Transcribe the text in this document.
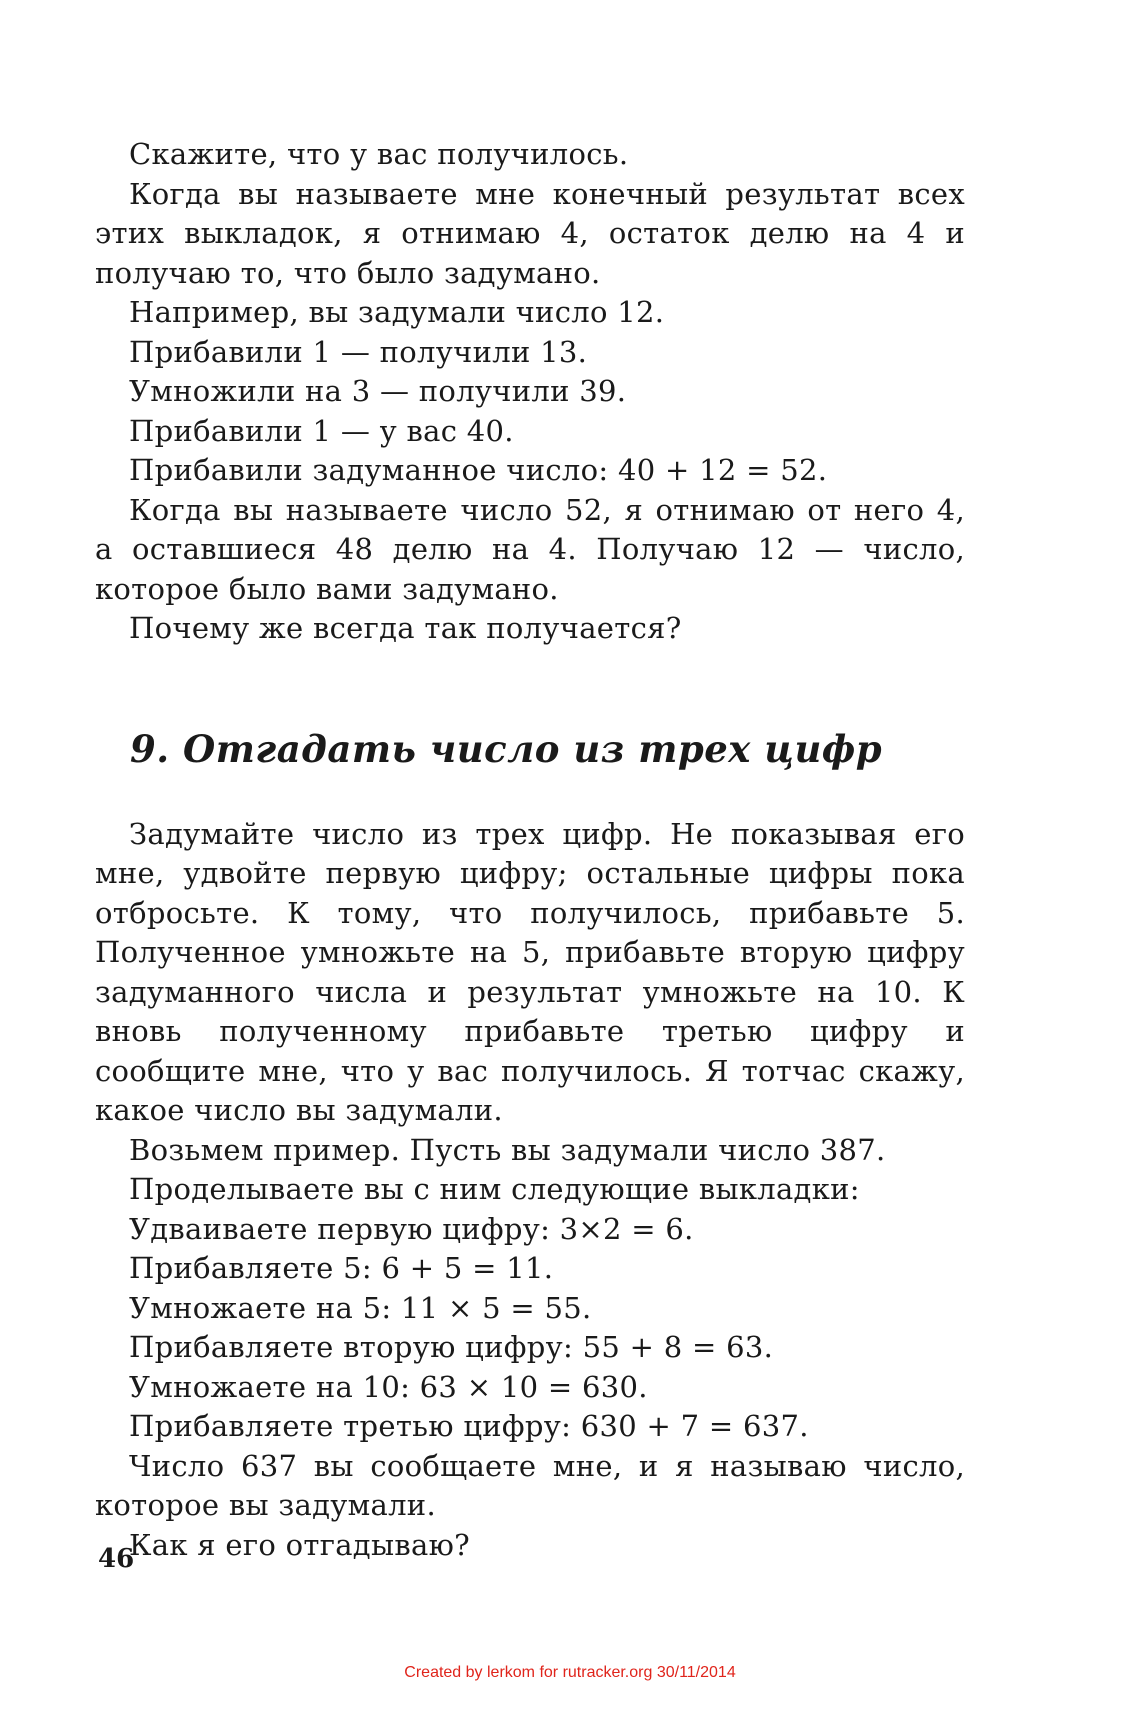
Скажите, что у вас получилось.

Когда вы называете мне конечный результат всех этих выкладок, я отнимаю 4, остаток делю на 4 и получаю то, что было задумано.

Например, вы задумали число 12.
Прибавили 1 — получили 13.
Умножили на 3 — получили 39.
Прибавили 1 — у вас 40.
Прибавили задуманное число: 40 + 12 = 52.

Когда вы называете число 52, я отнимаю от него 4, а оставшиеся 48 делю на 4. Получаю 12 — число, которое было вами задумано.

Почему же всегда так получается?
9. Отгадать число из трех цифр

Задумайте число из трех цифр. Не показывая его мне, удвойте первую цифру; остальные цифры пока отбросьте. К тому, что получилось, прибавьте 5. Полученное умножьте на 5, прибавьте вторую цифру задуманного числа и результат умножьте на 10. К вновь полученному прибавьте третью цифру и сообщите мне, что у вас получилось. Я тотчас скажу, какое число вы задумали.

Возьмем пример. Пусть вы задумали число 387.
Проделываете вы с ним следующие выкладки:
Удваиваете первую цифру: 3×2 = 6.
Прибавляете 5: 6 + 5 = 11.
Умножаете на 5: 11 × 5 = 55.
Прибавляете вторую цифру: 55 + 8 = 63.
Умножаете на 10: 63 × 10 = 630.
Прибавляете третью цифру: 630 + 7 = 637.

Число 637 вы сообщаете мне, и я называю число, которое вы задумали.

Как я его отгадываю?
46
Created by lerkom for rutracker.org 30/11/2014
